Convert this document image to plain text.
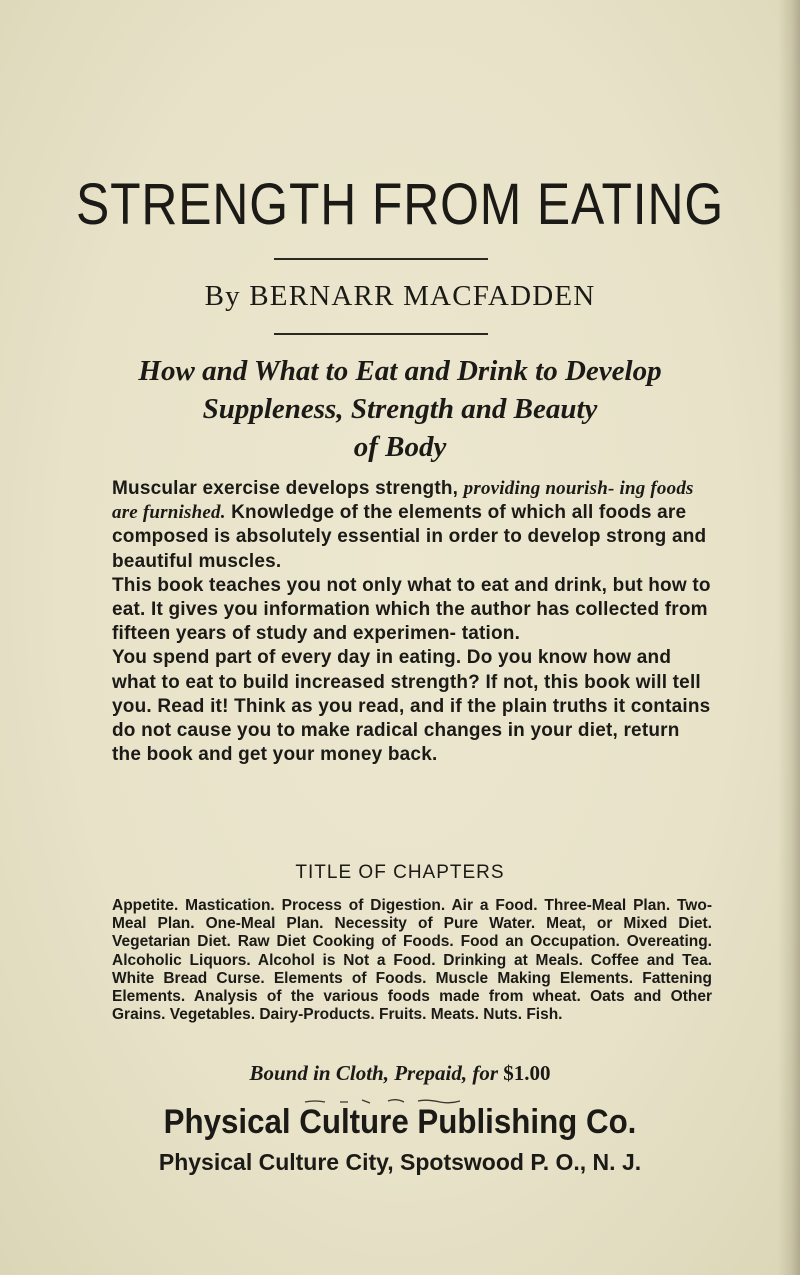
STRENGTH FROM EATING
By BERNARR MACFADDEN
How and What to Eat and Drink to Develop
Suppleness, Strength and Beauty
of Body

Muscular exercise develops strength, providing nourish- ing foods are furnished. Knowledge of the elements of which all foods are composed is absolutely essential in order to develop strong and beautiful muscles.

This book teaches you not only what to eat and drink, but how to eat. It gives you information which the author has collected from fifteen years of study and experimen- tation.

You spend part of every day in eating. Do you know how and what to eat to build increased strength? If not, this book will tell you. Read it! Think as you read, and if the plain truths it contains do not cause you to make radical changes in your diet, return the book and get your money back.

TITLE OF CHAPTERS
Appetite. Mastication. Process of Digestion. Air a Food. Three-Meal Plan. Two-Meal Plan. One-Meal Plan. Necessity of Pure Water. Meat, or Mixed Diet. Vegetarian Diet. Raw Diet Cooking of Foods. Food an Occupation. Overeating. Alcoholic Liquors. Alcohol is Not a Food. Drinking at Meals. Coffee and Tea. White Bread Curse. Elements of Foods. Muscle Making Elements. Fattening Elements. Analysis of the various foods made from wheat. Oats and Other Grains. Vegetables. Dairy-Products. Fruits. Meats. Nuts. Fish.
Bound in Cloth, Prepaid, for $1.00
Physical Culture Publishing Co.
Physical Culture City, Spotswood P. O., N. J.
